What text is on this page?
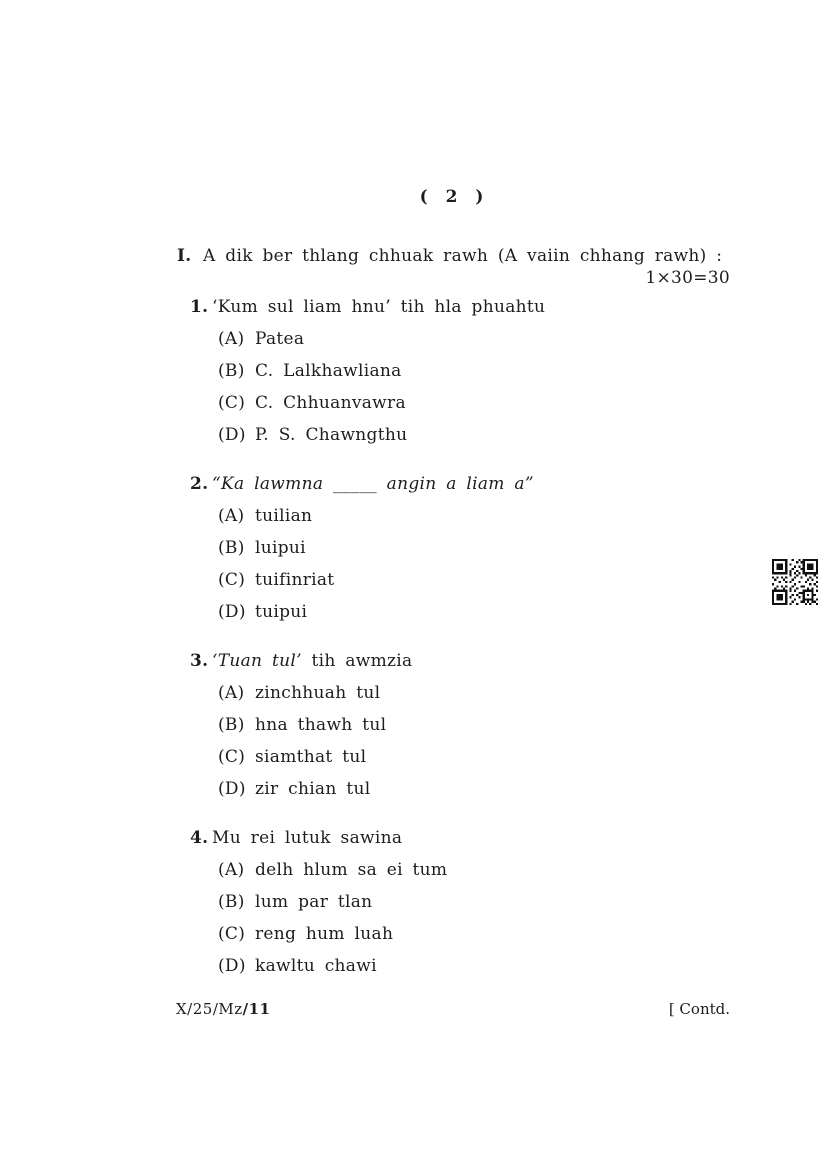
( 2 )
I. A dik ber thlang chhuak rawh (A vaiin chhang rawh) :
1×30=30
1. ‘Kum sul liam hnu’ tih hla phuahtu
(A) Patea
(B) C. Lalkhawliana
(C) C. Chhuanvawra
(D) P. S. Chawngthu
2. “Ka lawmna _____ angin a liam a”
(A) tuilian
(B) luipui
(C) tuifinriat
(D) tuipui
3. ‘Tuan tul’ tih awmzia
(A) zinchhuah tul
(B) hna thawh tul
(C) siamthat tul
(D) zir chian tul
4. Mu rei lutuk sawina
(A) delh hlum sa ei tum
(B) lum par tlan
(C) reng hum luah
(D) kawltu chawi
X/25/Mz/11	[ Contd.
